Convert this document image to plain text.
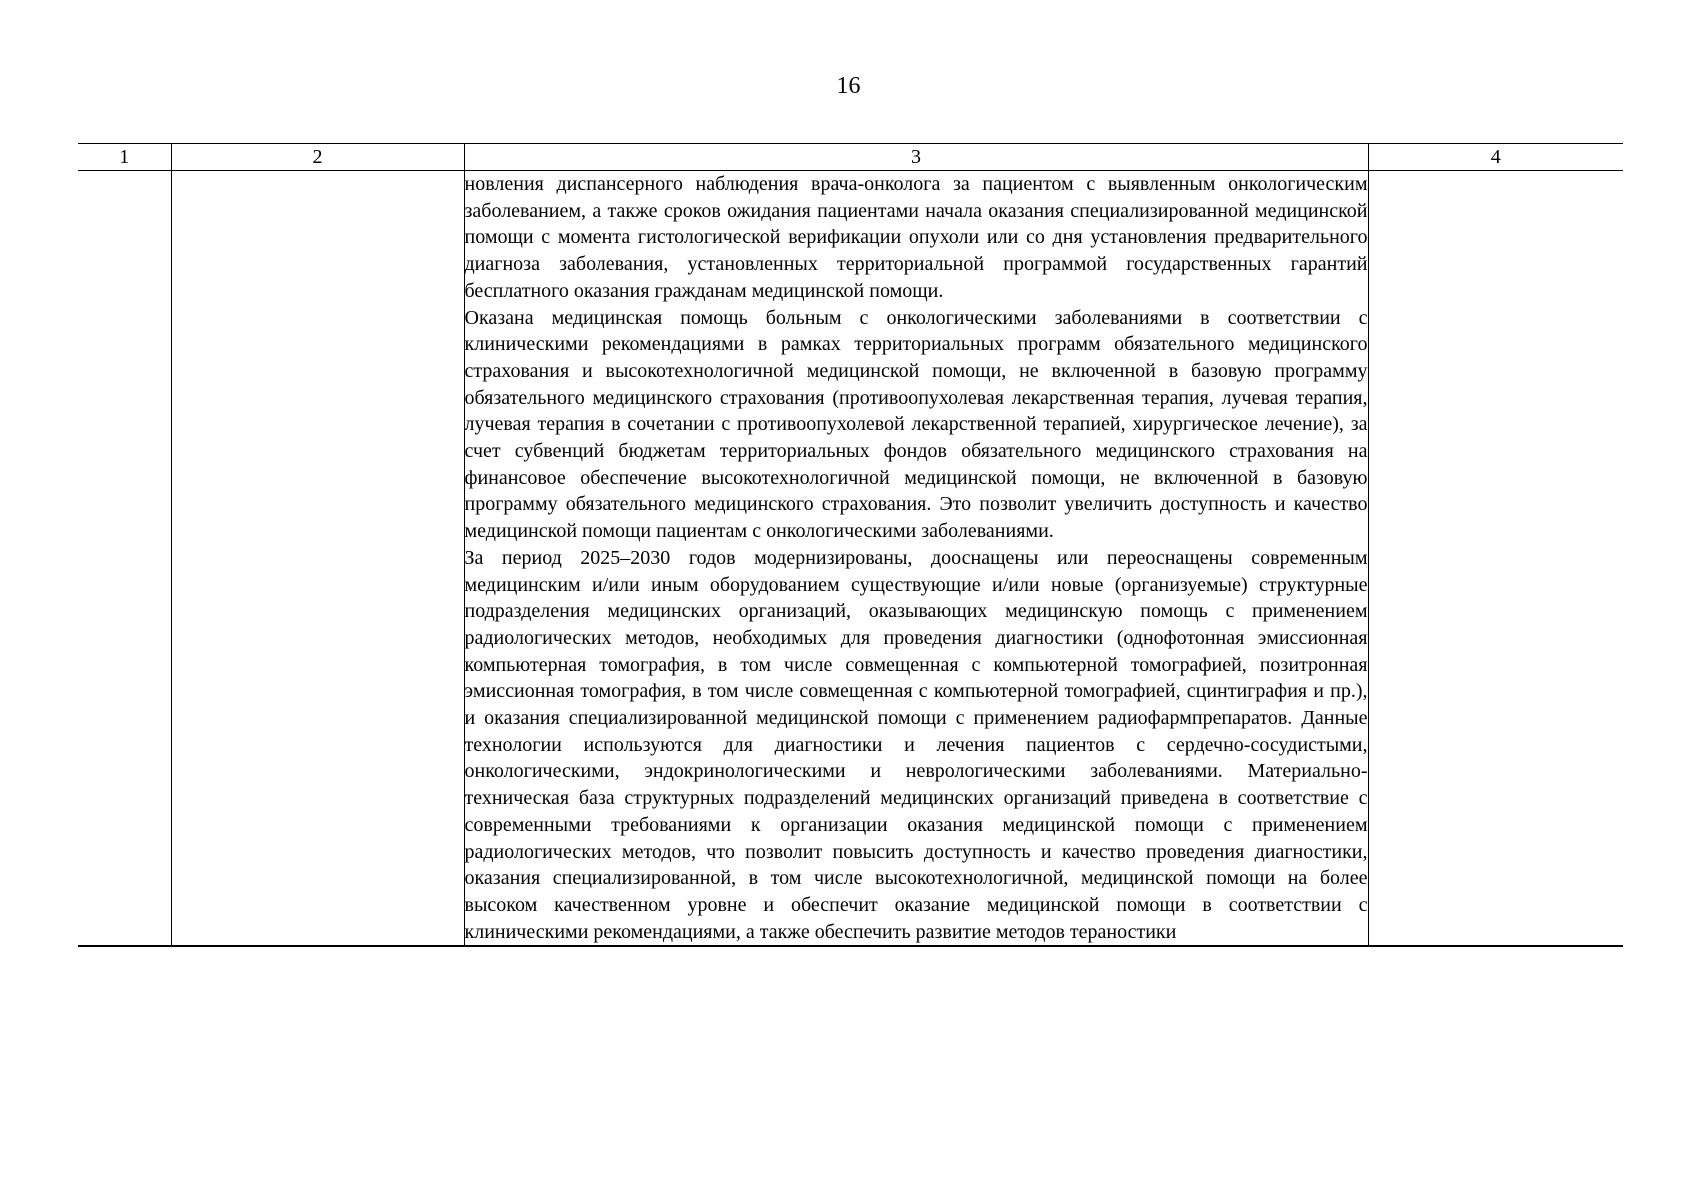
16
1	2	3	4

		новления диспансерного наблюдения врача-онколога за пациентом с выявленным онкологическим заболеванием, а также сроков ожидания пациентами начала оказания специализированной медицинской помощи с момента гистологической верификации опухоли или со дня установления предварительного диагноза заболевания, установленных территориальной программой государственных гарантий бесплатного оказания гражданам медицинской помощи.

Оказана медицинская помощь больным с онкологическими заболеваниями в соответствии с клиническими рекомендациями в рамках территориальных программ обязательного медицинского страхования и высокотехнологичной медицинской помощи, не включенной в базовую программу обязательного медицинского страхования (противоопухолевая лекарственная терапия, лучевая терапия, лучевая терапия в сочетании с противоопухолевой лекарственной терапией, хирургическое лечение), за счет субвенций бюджетам территориальных фондов обязательного медицинского страхования на финансовое обеспечение высокотехнологичной медицинской помощи, не включенной в базовую программу обязательного медицинского страхования. Это позволит увеличить доступность и качество медицинской помощи пациентам с онкологическими заболеваниями.

За период 2025–2030 годов модернизированы, дооснащены или переоснащены современным медицинским и/или иным оборудованием существующие и/или новые (организуемые) структурные подразделения медицинских организаций, оказывающих медицинскую помощь с применением радиологических методов, необходимых для проведения диагностики (однофотонная эмиссионная компьютерная томография, в том числе совмещенная с компьютерной томографией, позитронная эмиссионная томография, в том числе совмещенная с компьютерной томографией, сцинтиграфия и пр.), и оказания специализированной медицинской помощи с применением радиофармпрепаратов. Данные технологии используются для диагностики и лечения пациентов с сердечно-сосудистыми, онкологическими, эндокринологическими и неврологическими заболеваниями. Материально-техническая база структурных подразделений медицинских организаций приведена в соответствие с современными требованиями к организации оказания медицинской помощи с применением радиологических методов, что позволит повысить доступность и качество проведения диагностики, оказания специализированной, в том числе высокотехнологичной, медицинской помощи на более высоком качественном уровне и обеспечит оказание медицинской помощи в соответствии с клиническими рекомендациями, а также обеспечить развитие методов тераностики	
